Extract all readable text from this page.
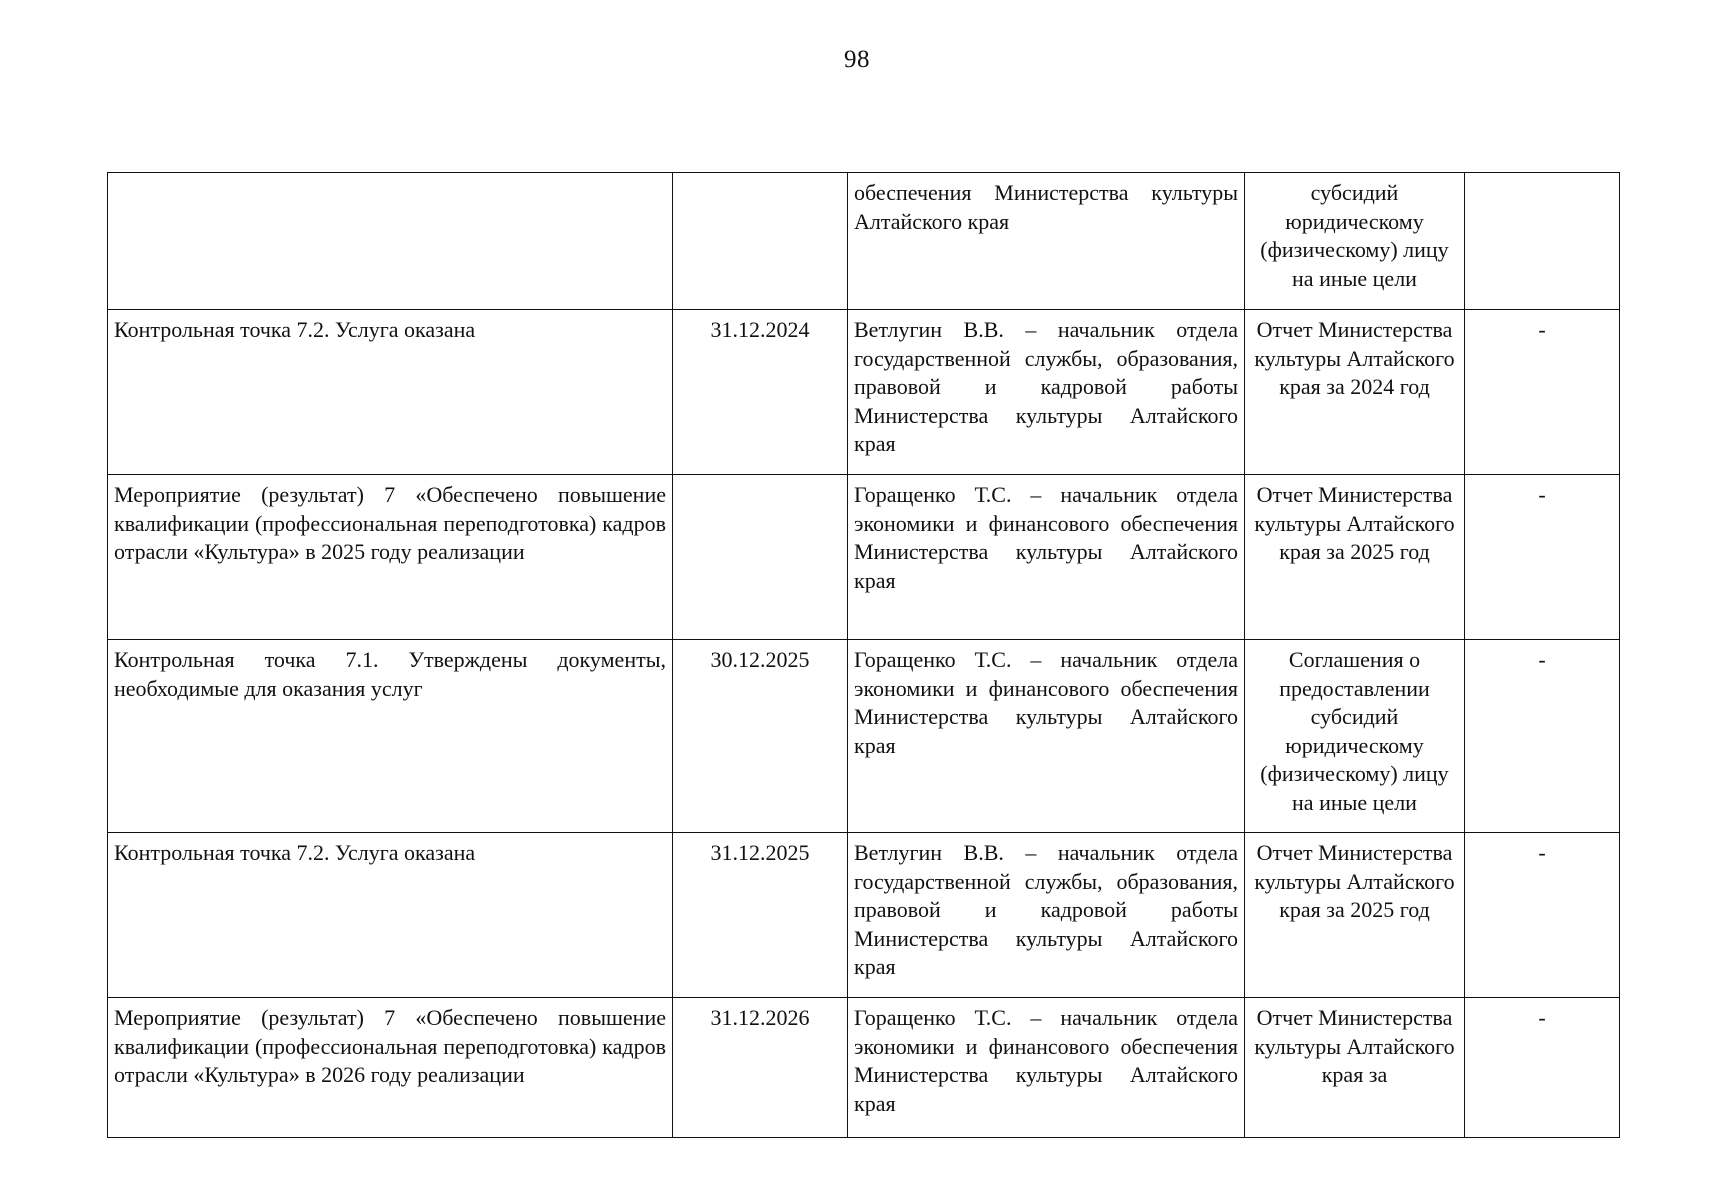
98
		обеспечения Министерства культуры Алтайского края	субсидий юридическому (физическому) лицу на иные цели	
Контрольная точка 7.2. Услуга оказана	31.12.2024	Ветлугин В.В. – начальник отдела государственной службы, образования, правовой и кадровой работы Министерства культуры Алтайского края	Отчет Министерства культуры Алтайского края за 2024 год	-
Мероприятие (результат) 7 «Обеспечено повышение квалификации (профессиональная переподготовка) кадров отрасли «Культура» в 2025 году реализации		Горащенко Т.С. – начальник отдела экономики и финансового обеспечения Министерства культуры Алтайского края	Отчет Министерства культуры Алтайского края за 2025 год	-
Контрольная точка 7.1. Утверждены документы, необходимые для оказания услуг	30.12.2025	Горащенко Т.С. – начальник отдела экономики и финансового обеспечения Министерства культуры Алтайского края	Соглашения о предоставлении субсидий юридическому (физическому) лицу на иные цели	-
Контрольная точка 7.2. Услуга оказана	31.12.2025	Ветлугин В.В. – начальник отдела государственной службы, образования, правовой и кадровой работы Министерства культуры Алтайского края	Отчет Министерства культуры Алтайского края за 2025 год	-
Мероприятие (результат) 7 «Обеспечено повышение квалификации (профессиональная переподготовка) кадров отрасли «Культура» в 2026 году реализации	31.12.2026	Горащенко Т.С. – начальник отдела экономики и финансового обеспечения Министерства культуры Алтайского края	Отчет Министерства культуры Алтайского края за	-
